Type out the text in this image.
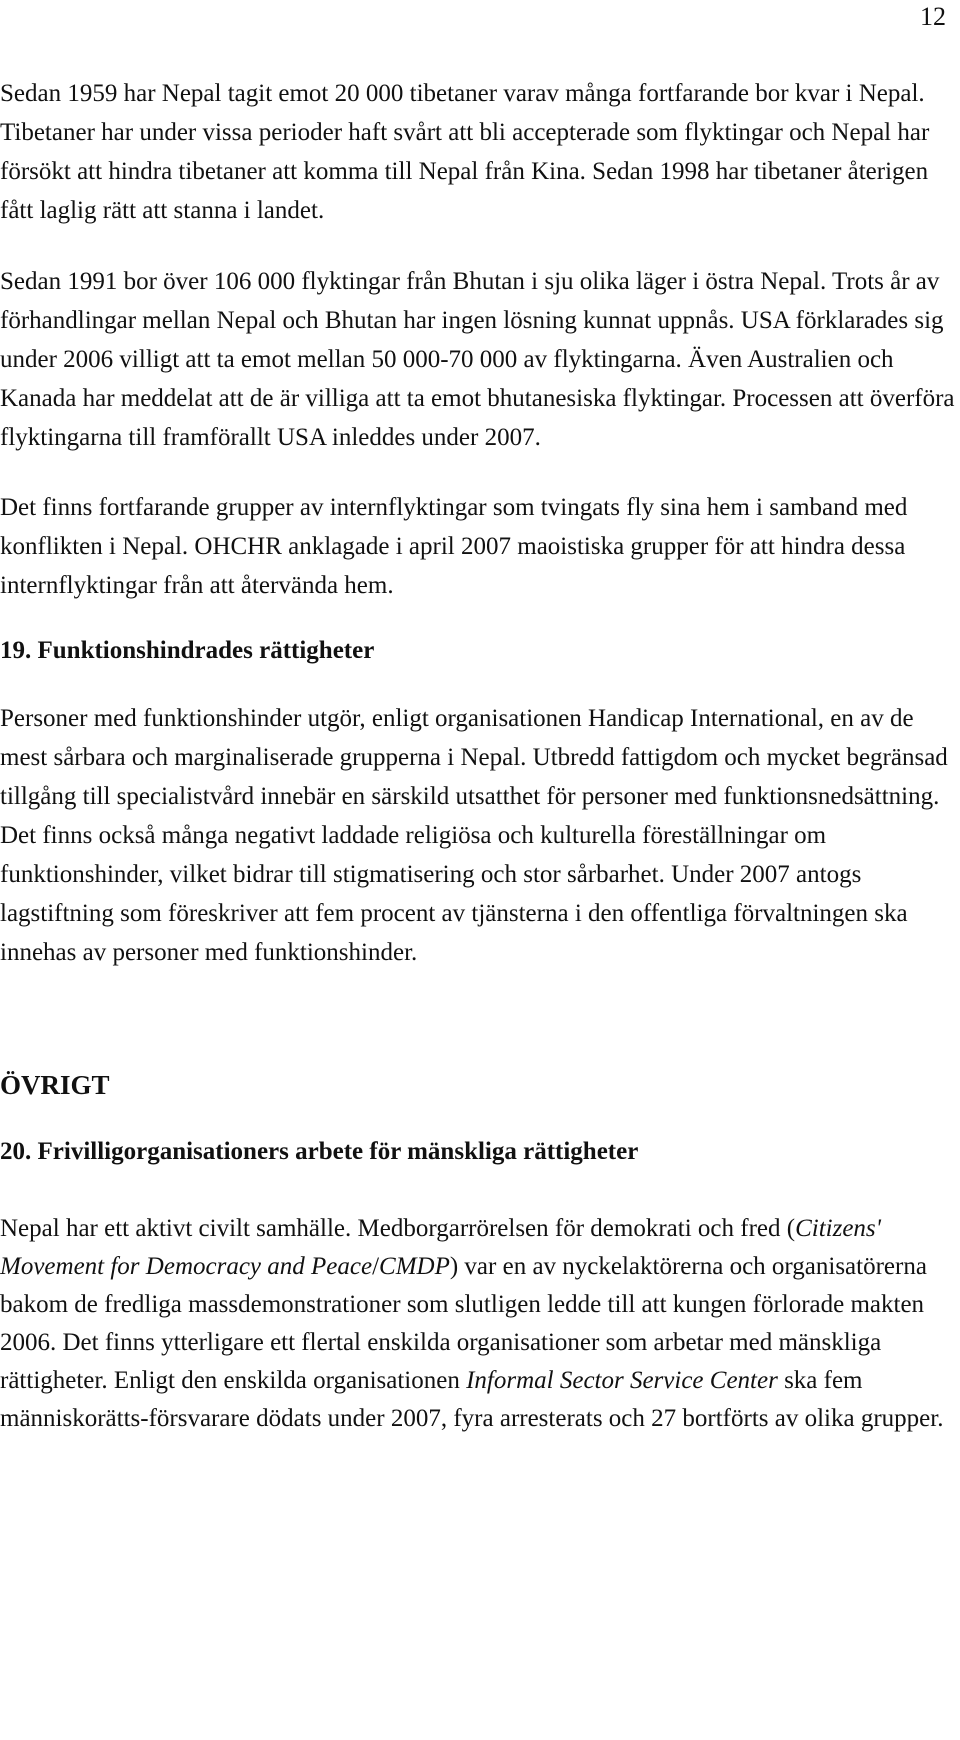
12

Sedan 1959 har Nepal tagit emot 20 000 tibetaner varav många fortfarande bor kvar i Nepal. Tibetaner har under vissa perioder haft svårt att bli accepterade som flyktingar och Nepal har försökt att hindra tibetaner att komma till Nepal från Kina. Sedan 1998 har tibetaner återigen fått laglig rätt att stanna i landet.

Sedan 1991 bor över 106 000 flyktingar från Bhutan i sju olika läger i östra Nepal. Trots år av förhandlingar mellan Nepal och Bhutan har ingen lösning kunnat uppnås. USA förklarades sig under 2006 villigt att ta emot mellan 50 000-70 000 av flyktingarna. Även Australien och Kanada har meddelat att de är villiga att ta emot bhutanesiska flyktingar. Processen att överföra flyktingarna till framförallt USA inleddes under 2007.

Det finns fortfarande grupper av internflyktingar som tvingats fly sina hem i samband med konflikten i Nepal. OHCHR anklagade i april 2007 maoistiska grupper för att hindra dessa internflyktingar från att återvända hem.

19. Funktionshindrades rättigheter

Personer med funktionshinder utgör, enligt organisationen Handicap International, en av de mest sårbara och marginaliserade grupperna i Nepal. Utbredd fattigdom och mycket begränsad tillgång till specialistvård innebär en särskild utsatthet för personer med funktionsnedsättning. Det finns också många negativt laddade religiösa och kulturella föreställningar om funktionshinder, vilket bidrar till stigmatisering och stor sårbarhet. Under 2007 antogs lagstiftning som föreskriver att fem procent av tjänsterna i den offentliga förvaltningen ska innehas av personer med funktionshinder.

ÖVRIGT
20. Frivilligorganisationers arbete för mänskliga rättigheter

Nepal har ett aktivt civilt samhälle. Medborgarrörelsen för demokrati och fred (Citizens' Movement for Democracy and Peace/CMDP) var en av nyckelaktörerna och organisatörerna bakom de fredliga massdemonstrationer som slutligen ledde till att kungen förlorade makten 2006. Det finns ytterligare ett flertal enskilda organisationer som arbetar med mänskliga rättigheter. Enligt den enskilda organisationen Informal Sector Service Center ska fem människorätts-försvarare dödats under 2007, fyra arresterats och 27 bortförts av olika grupper.
